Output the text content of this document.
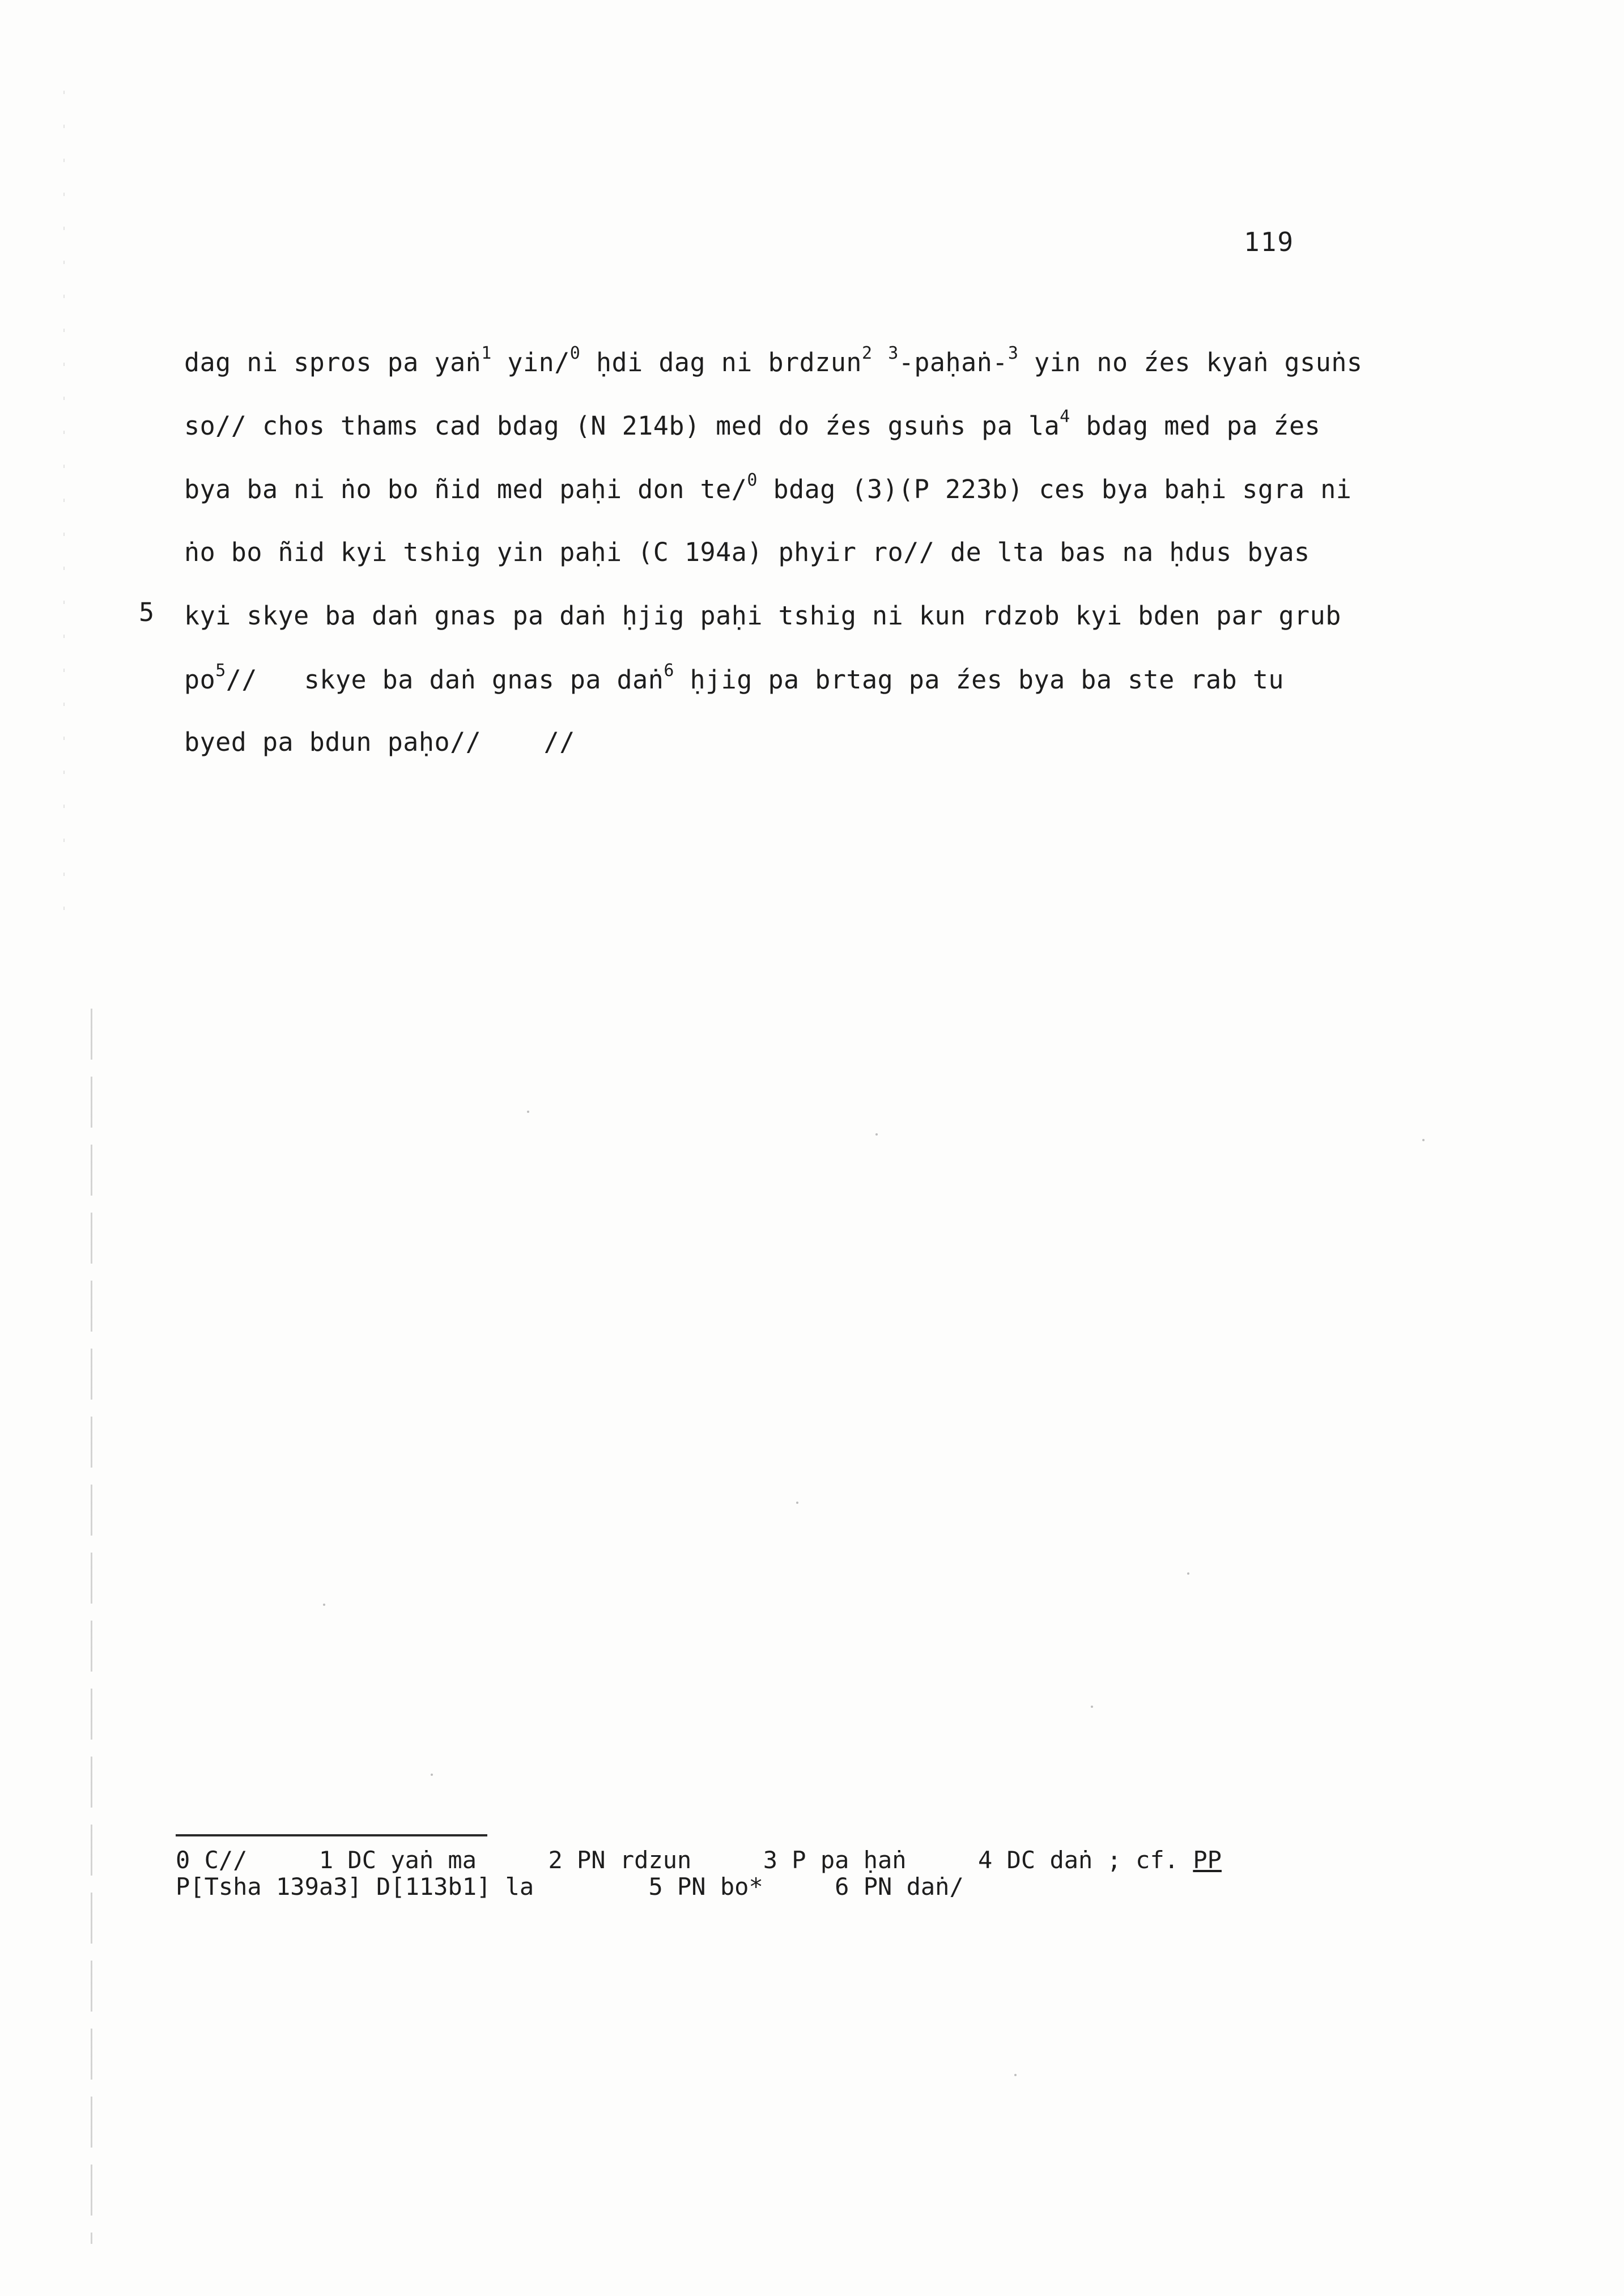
119
dag ni spros pa yaṅ$^1$ yin/$^0$ ḥdi dag ni brdzun$^2$ $^3$-paḥaṅ-$^3$ yin no źes kyaṅ gsuṅs
so// chos thams cad bdag (N 214b) med do źes gsuṅs pa $la^4$ bdag med pa źes
bya ba ni ṅo bo ñid med paḥi don te/$^0$ bdag (3)(P 223b) ces bya baḥi sgra ni
ṅo bo ñid kyi tshig yin paḥi (C 194a) phyir ro// de lta bas na ḥdus byas
kyi skye ba daṅ gnas pa daṅ ḥjig paḥi tshig ni kun rdzob kyi bden par grub
$po^5//$   skye ba daṅ gnas pa daṅ$^6$ ḥjig pa brtag pa źes bya ba ste rab tu
byed pa bdun paḥo//    //
5
0 C//     1 DC yaṅ ma     2 PN rdzun     3 P pa ḥaṅ     4 DC daṅ ; cf. PP
P[Tsha 139a3] D[113b1] la        5 PN bo*     6 PN daṅ/
